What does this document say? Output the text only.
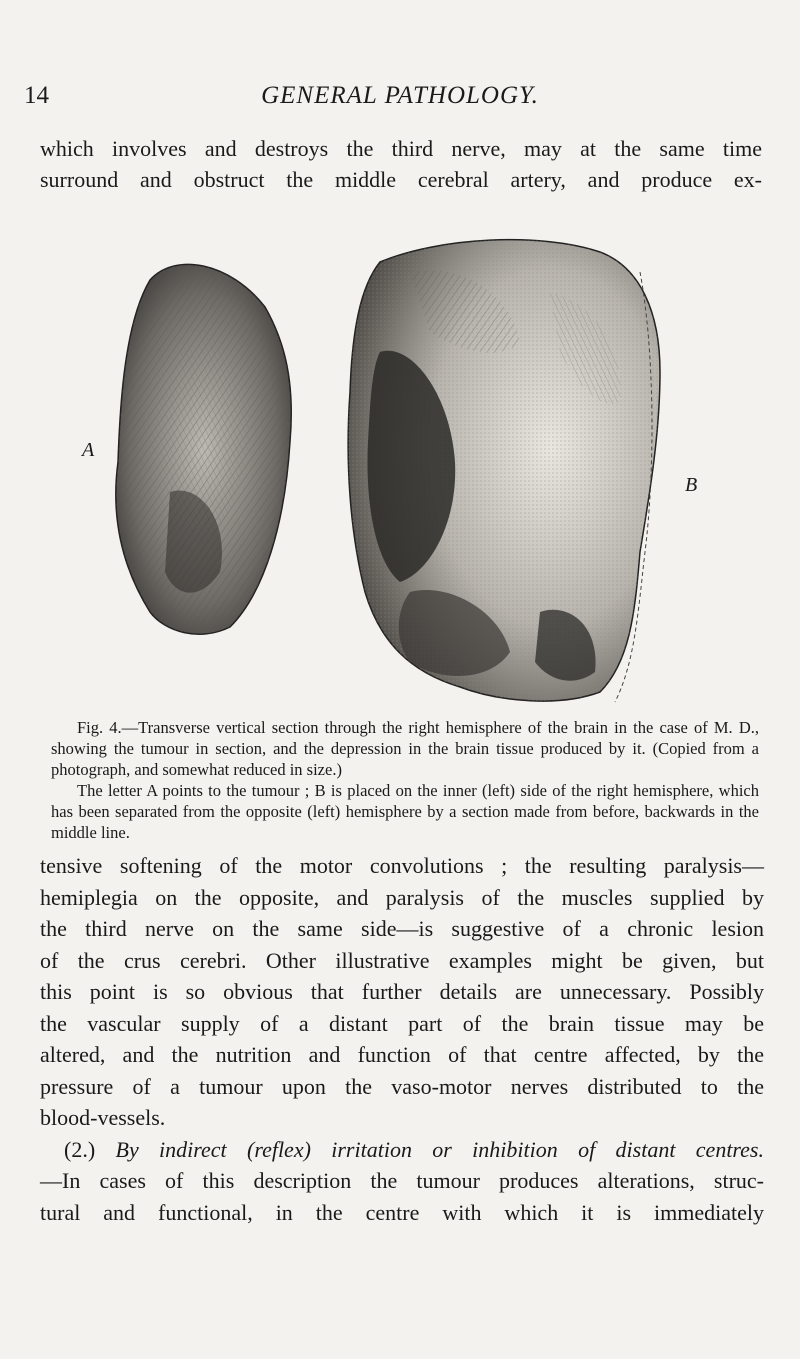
14	GENERAL PATHOLOGY.
which involves and destroys the third nerve, may at the same time
surround and obstruct the middle cerebral artery, and produce ex-
A
B

Fig. 4.—Transverse vertical section through the right hemisphere of the brain in the case of M. D., showing the tumour in section, and the depression in the brain tissue produced by it. (Copied from a photograph, and somewhat reduced in size.)

The letter A points to the tumour ; B is placed on the inner (left) side of the right hemisphere, which has been separated from the opposite (left) hemisphere by a section made from before, backwards in the middle line.

tensive softening of the motor convolutions ; the resulting paralysis—
hemiplegia on the opposite, and paralysis of the muscles supplied by
the third nerve on the same side—is suggestive of a chronic lesion
of the crus cerebri. Other illustrative examples might be given, but
this point is so obvious that further details are unnecessary. Possibly
the vascular supply of a distant part of the brain tissue may be
altered, and the nutrition and function of that centre affected, by the
pressure of a tumour upon the vaso-motor nerves distributed to the
blood-vessels.
(2.) By indirect (reflex) irritation or inhibition of distant centres.
—In cases of this description the tumour produces alterations, struc-
tural and functional, in the centre with which it is immediately
